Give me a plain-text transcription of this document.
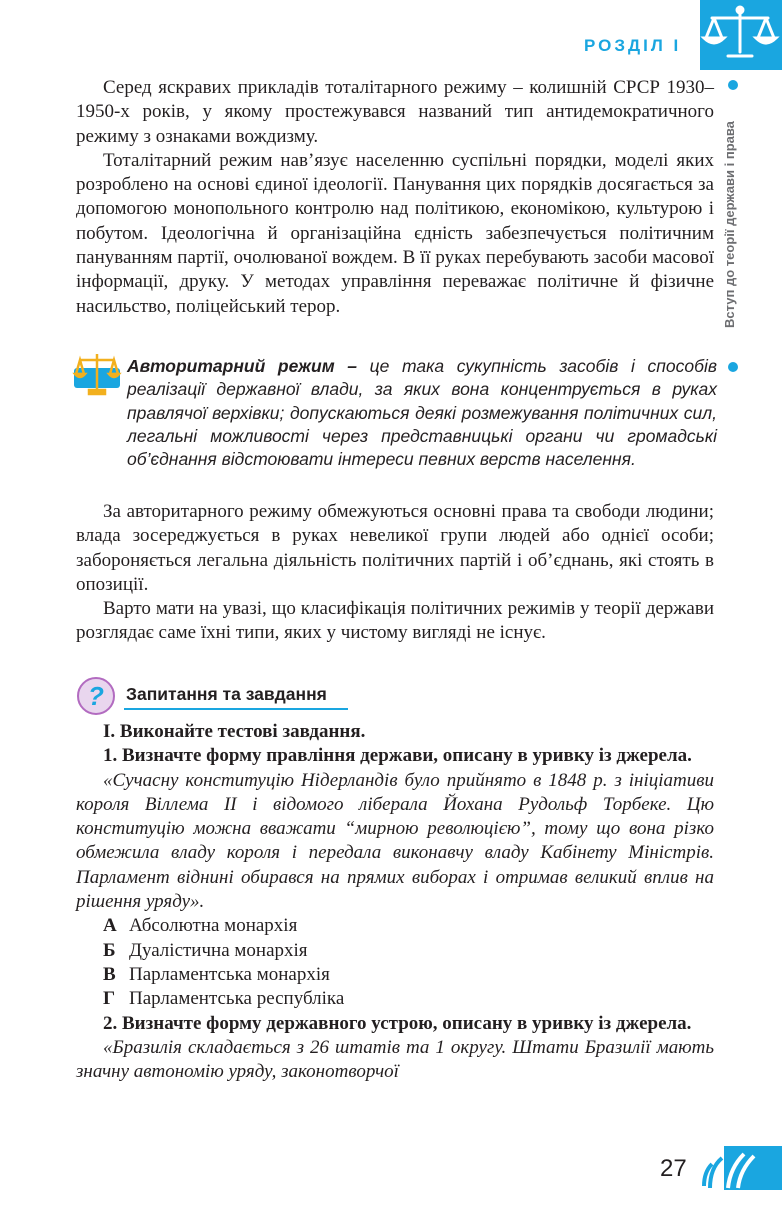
РОЗДІЛ І
Вступ до теорії держави і права

Серед яскравих прикладів тоталітарного режиму – колишній СРСР 1930–1950-х років, у якому простежувався названий тип антидемократичного режиму з ознаками вождизму.

Тоталітарний режим нав’язує населенню суспільні порядки, моделі яких розроблено на основі єдиної ідеології. Панування цих порядків досягається за допомогою монопольного контролю над політикою, економікою, культурою і побутом. Ідеологічна й організаційна єдність забезпечується політичним пануванням партії, очолюваної вождем. В її руках перебувають засоби масової інформації, друку. У методах управління переважає політичне й фізичне насильство, поліцейський терор.

Авторитарний режим – це така сукупність засобів і способів реалізації державної влади, за яких вона концентрується в руках правлячої верхівки; допускаються деякі розмежування політичних сил, легальні можливості через представницькі органи чи громадські об’єднання відстоювати інтереси певних верств населення.

За авторитарного режиму обмежуються основні права та свободи людини; влада зосереджується в руках невеликої групи людей або однієї особи; забороняється легальна діяльність політичних партій і об’єднань, які стоять в опозиції.

Варто мати на увазі, що класифікація політичних режимів у теорії держави розглядає саме їхні типи, яких у чистому вигляді не існує.

? Запитання та завдання

І. Виконайте тестові завдання.

1. Визначте форму правління держави, описану в уривку із джерела.

«Сучасну конституцію Нідерландів було прийнято в 1848 р. з ініціативи короля Віллема II і відомого ліберала Йохана Рудольф Торбеке. Цю конституцію можна вважати “мирною революцією”, тому що вона різко обмежила владу короля і передала виконавчу владу Кабінету Міністрів. Парламент віднині обирався на прямих виборах і отримав великий вплив на рішення уряду».

А Абсолютна монархія
Б Дуалістична монархія
В Парламентська монархія
Г Парламентська республіка

2. Визначте форму державного устрою, описану в уривку із джерела.

«Бразилія складається з 26 штатів та 1 округу. Штати Бразилії мають значну автономію уряду, законотворчої

27
